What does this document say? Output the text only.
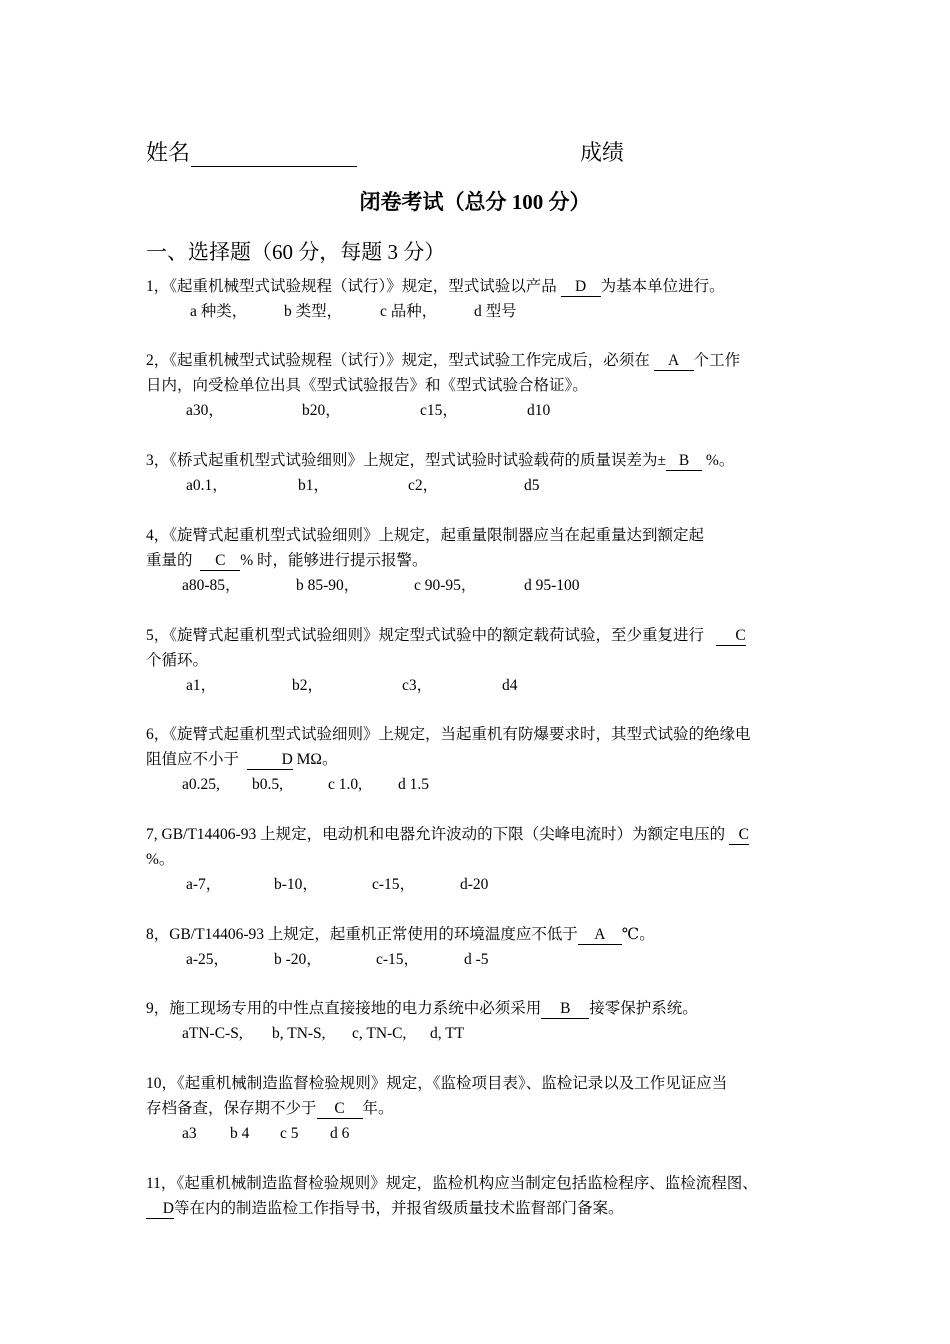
姓名	成绩
闭卷考试（总分 100 分）
一、选择题（60 分，每题 3 分）

1，《起重机械型式试验规程（试行）》规定，型式试验以产品 D 为基本单位进行。

a 种类， b 类型， c 品种， d 型号

2，《起重机械型式试验规程（试行）》规定，型式试验工作完成后，必须在 A 个工作

日内，向受检单位出具《型式试验报告》和《型式试验合格证》。

a30，	b20，	c15，	d10

3，《桥式起重机型式试验细则》上规定，型式试验时试验载荷的质量误差为± B %。

a0.1，	b1，	c2，	d5

4，《旋臂式起重机型式试验细则》上规定，起重量限制器应当在起重量达到额定起

重量的 C % 时，能够进行提示报警。

a80-85，	b 85-90，	c 90-95，	d 95-100

5，《旋臂式起重机型式试验细则》规定型式试验中的额定载荷试验，至少重复进行 C

个循环。

a1，	b2，	c3，	d4

6，《旋臂式起重机型式试验细则》上规定，当起重机有防爆要求时，其型式试验的绝缘电

阻值应不小于	D MΩ。

a0.25, b0.5,	c 1.0, d 1.5

7, GB/T14406-93 上规定，电动机和电器允许波动的下限（尖峰电流时）为额定电压的 C

%。

a-7，	b-10，	c-15，	d-20

8，GB/T14406-93 上规定，起重机正常使用的环境温度应不低于 A ℃。

a-25，	b -20，	c-15，	d -5

9，施工现场专用的中性点直接接地的电力系统中必须采用 B 接零保护系统。

aTN-C-S, b, TN-S, c, TN-C, d, TT

10，《起重机械制造监督检验规则》规定，《监检项目表》、监检记录以及工作见证应当

存档备查，保存期不少于 C 年。

a3 b 4 c 5 d 6

11，《起重机械制造监督检验规则》规定，监检机构应当制定包括监检程序、监检流程图、

D等在内的制造监检工作指导书，并报省级质量技术监督部门备案。
